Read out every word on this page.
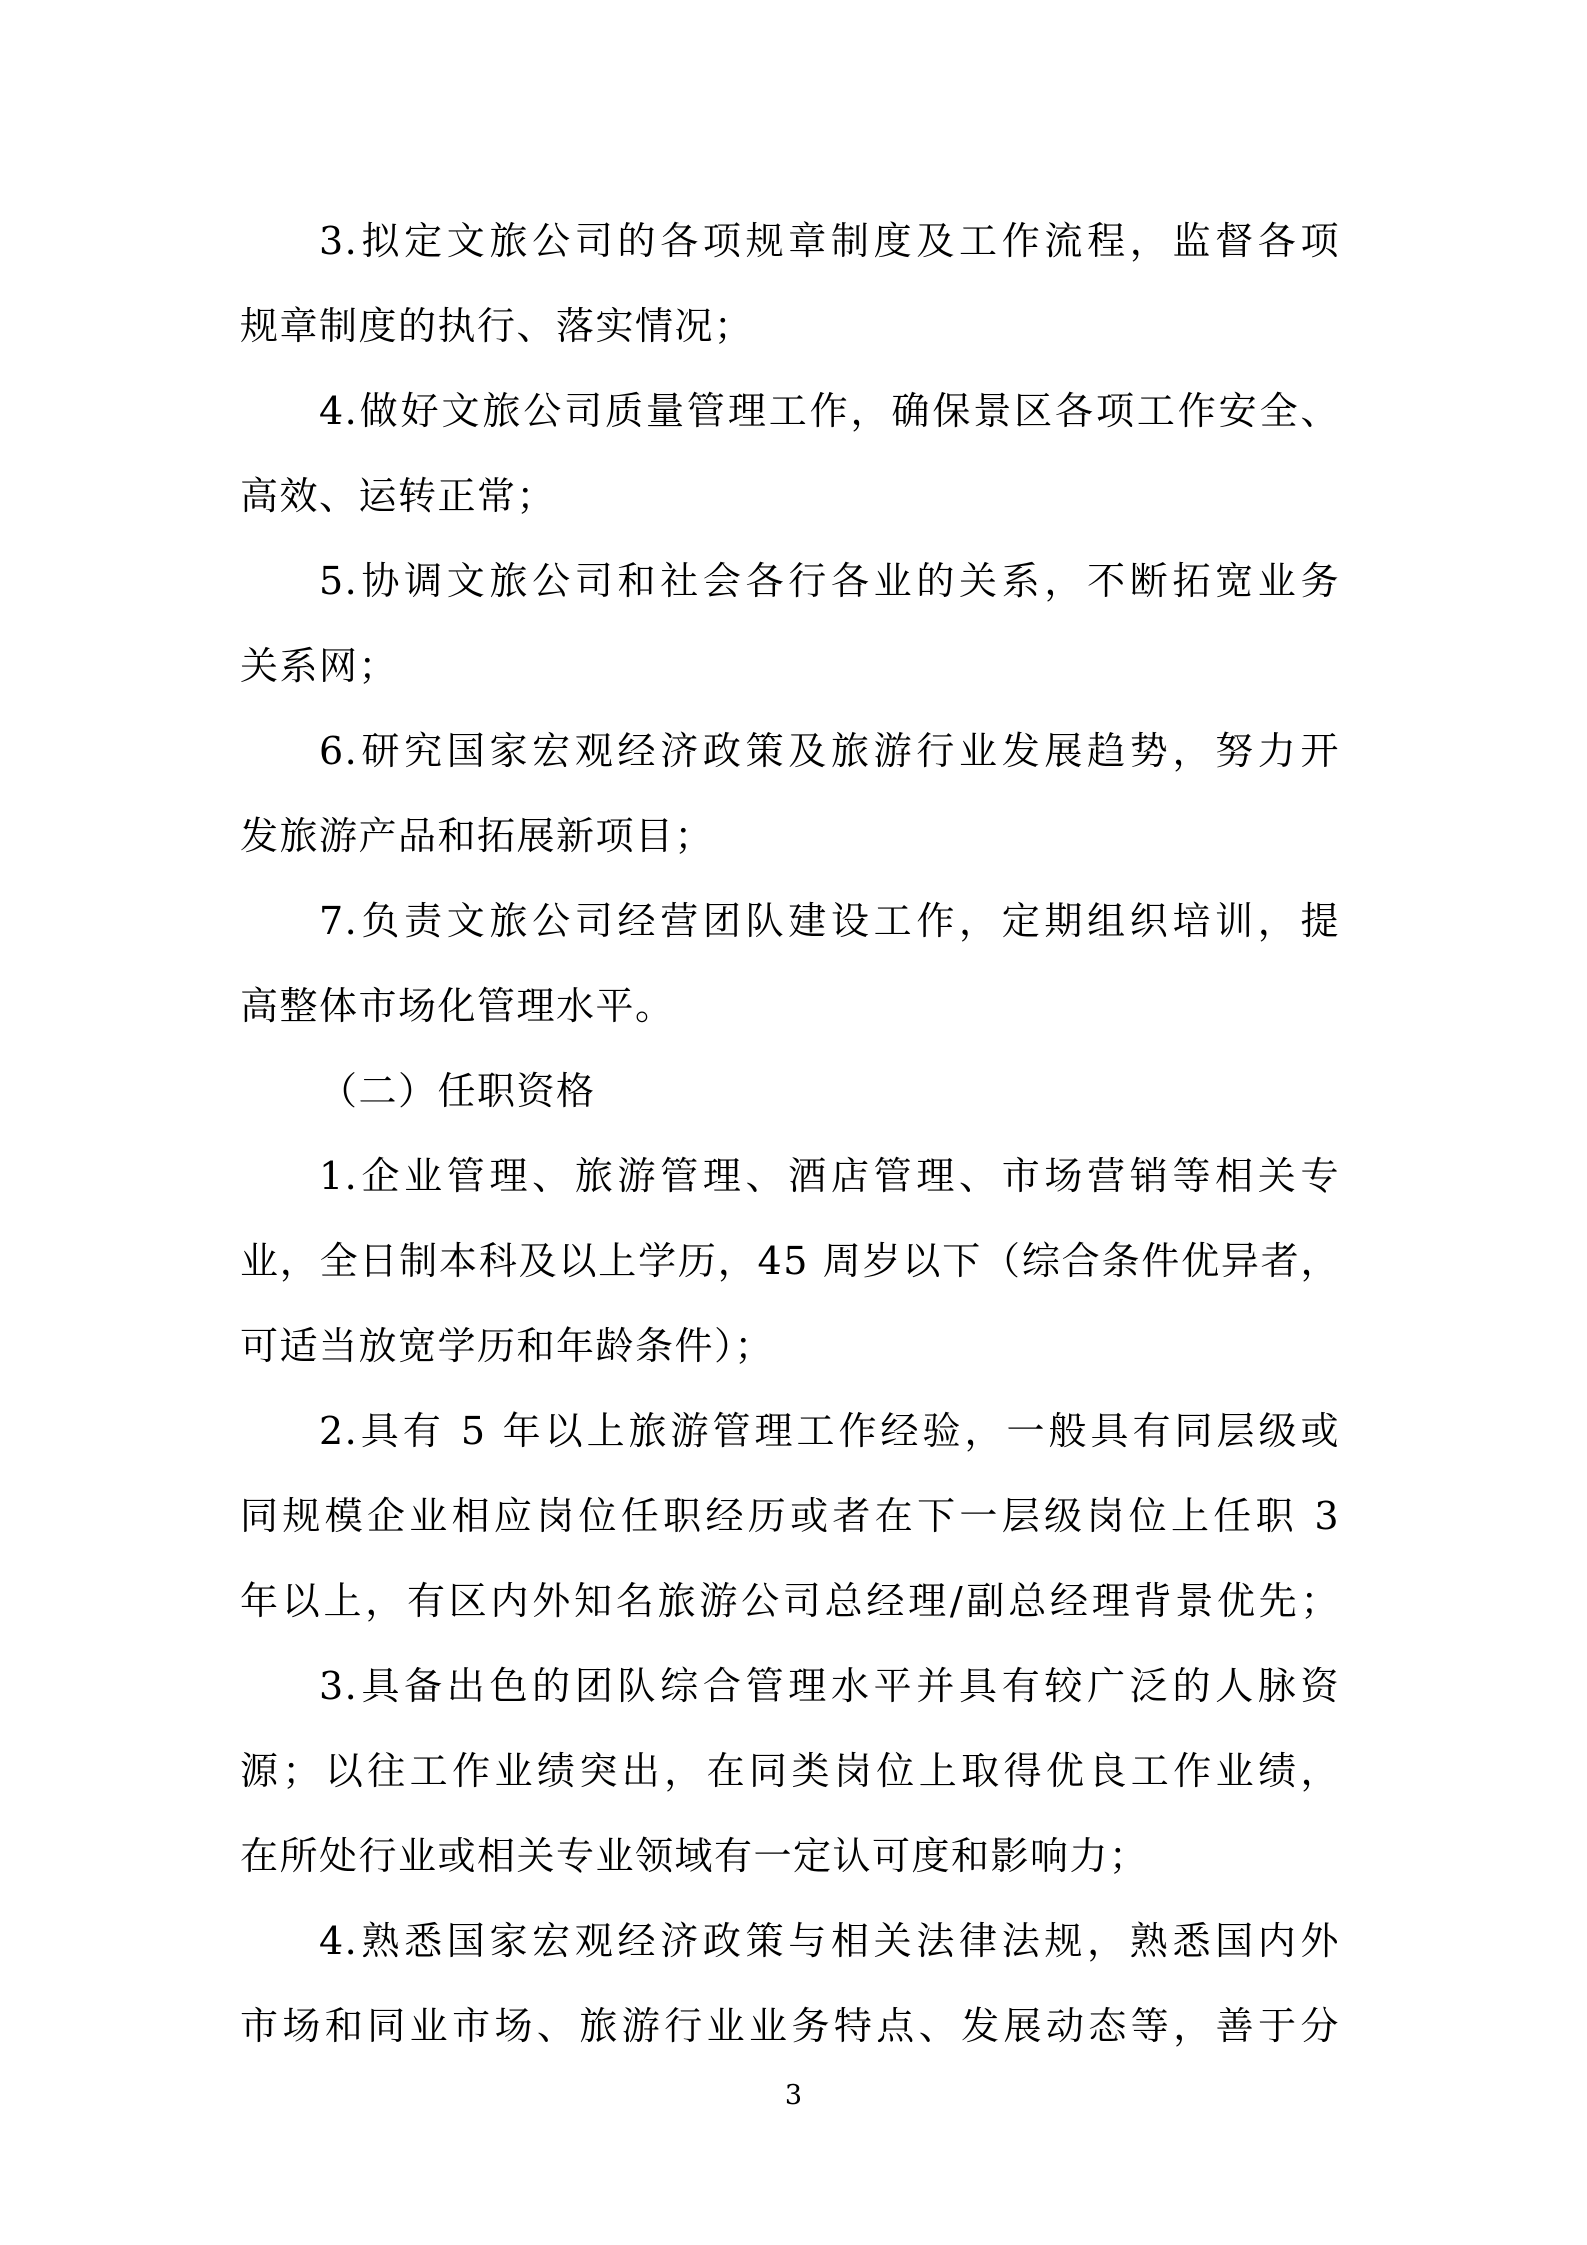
3.拟定文旅公司的各项规章制度及工作流程，监督各项
规章制度的执行、落实情况；
4.做好文旅公司质量管理工作，确保景区各项工作安全、
高效、运转正常；
5.协调文旅公司和社会各行各业的关系，不断拓宽业务
关系网；
6.研究国家宏观经济政策及旅游行业发展趋势，努力开
发旅游产品和拓展新项目；
7.负责文旅公司经营团队建设工作，定期组织培训，提
高整体市场化管理水平。
（二）任职资格
1.企业管理、旅游管理、酒店管理、市场营销等相关专
业，全日制本科及以上学历，45 周岁以下（综合条件优异者，
可适当放宽学历和年龄条件）；
2.具有 5 年以上旅游管理工作经验，一般具有同层级或
同规模企业相应岗位任职经历或者在下一层级岗位上任职 3
年以上，有区内外知名旅游公司总经理/副总经理背景优先；
3.具备出色的团队综合管理水平并具有较广泛的人脉资
源；以往工作业绩突出，在同类岗位上取得优良工作业绩，
在所处行业或相关专业领域有一定认可度和影响力；
4.熟悉国家宏观经济政策与相关法律法规，熟悉国内外
市场和同业市场、旅游行业业务特点、发展动态等，善于分
3
